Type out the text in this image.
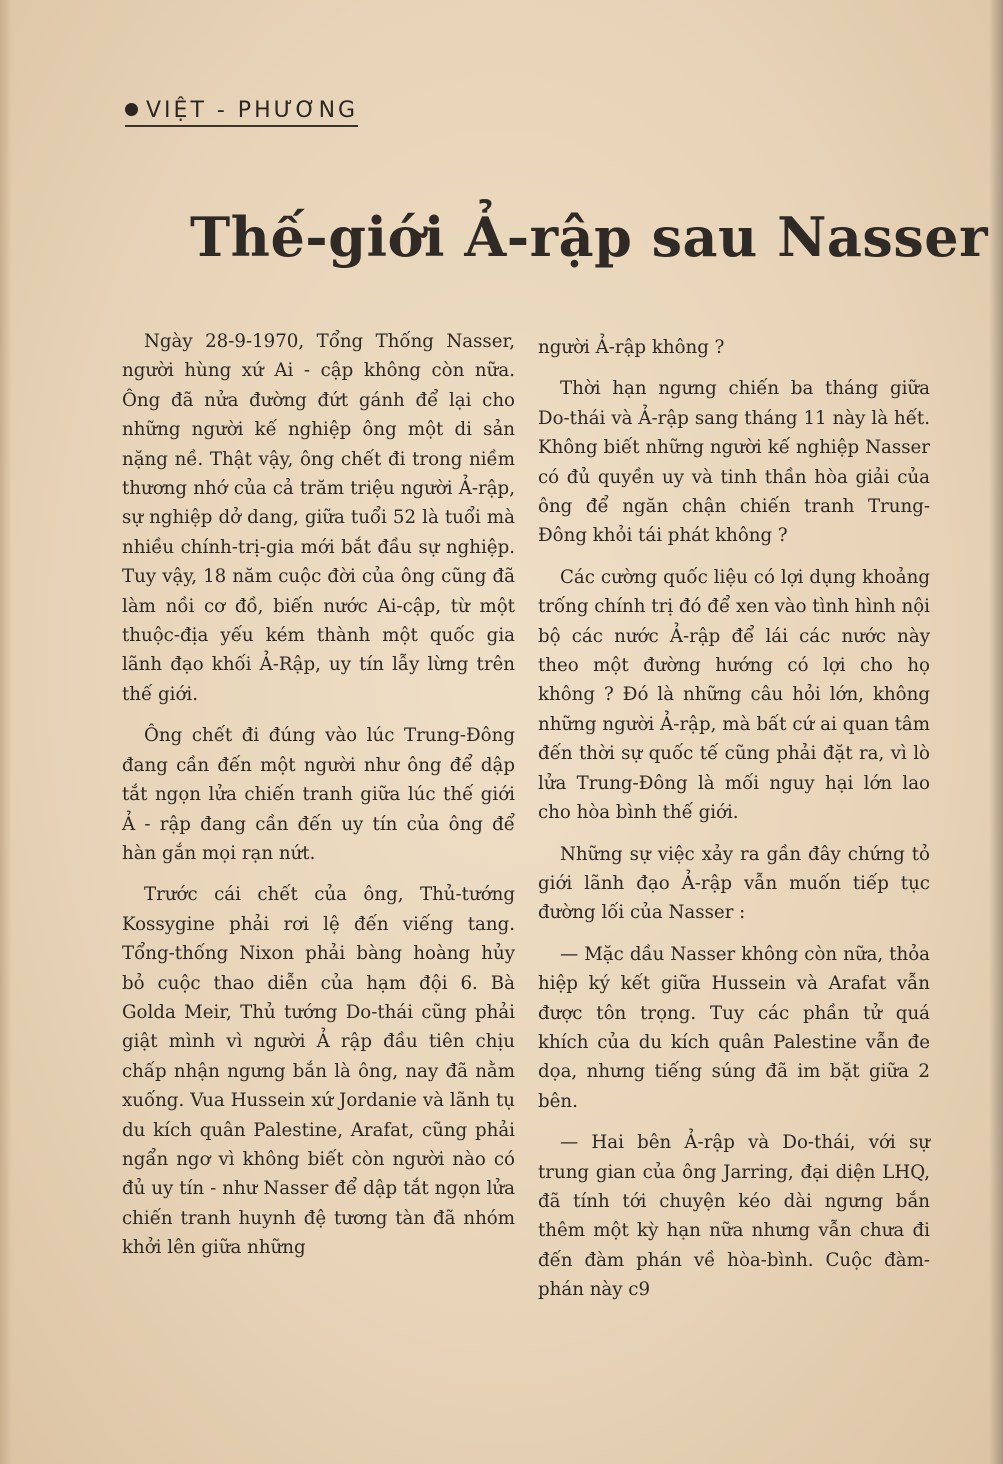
VIỆT - PHƯƠNG
Thế-giới Ả-rập sau Nasser

Ngày 28-9-1970, Tổng Thống Nasser, người hùng xứ Ai - cập không còn nữa. Ông đã nửa đường đứt gánh để lại cho những người kế nghiệp ông một di sản nặng nề. Thật vậy, ông chết đi trong niềm thương nhớ của cả trăm triệu người Ả-rập, sự nghiệp dở dang, giữa tuổi 52 là tuổi mà nhiều chính-trị-gia mới bắt đầu sự nghiệp. Tuy vậy, 18 năm cuộc đời của ông cũng đã làm nồi cơ đồ, biến nước Ai-cập, từ một thuộc-địa yếu kém thành một quốc gia lãnh đạo khối Ả-Rập, uy tín lẫy lừng trên thế giới.

Ông chết đi đúng vào lúc Trung-Đông đang cần đến một người như ông để dập tắt ngọn lửa chiến tranh giữa lúc thế giới Ả - rập đang cần đến uy tín của ông để hàn gắn mọi rạn nứt.

Trước cái chết của ông, Thủ-tướng Kossygine phải rơi lệ đến viếng tang. Tổng-thống Nixon phải bàng hoàng hủy bỏ cuộc thao diễn của hạm đội 6. Bà Golda Meir, Thủ tướng Do-thái cũng phải giật mình vì người Ả rập đầu tiên chịu chấp nhận ngưng bắn là ông, nay đã nằm xuống. Vua Hussein xứ Jordanie và lãnh tụ du kích quân Palestine, Arafat, cũng phải ngẩn ngơ vì không biết còn người nào có đủ uy tín - như Nasser để dập tắt ngọn lửa chiến tranh huynh đệ tương tàn đã nhóm khởi lên giữa những

người Ả-rập không ?

Thời hạn ngưng chiến ba tháng giữa Do-thái và Ả-rập sang tháng 11 này là hết. Không biết những người kế nghiệp Nasser có đủ quyền uy và tinh thần hòa giải của ông để ngăn chận chiến tranh Trung-Đông khỏi tái phát không ?

Các cường quốc liệu có lợi dụng khoảng trống chính trị đó để xen vào tình hình nội bộ các nước Ả-rập để lái các nước này theo một đường hướng có lợi cho họ không ? Đó là những câu hỏi lớn, không những người Ả-rập, mà bất cứ ai quan tâm đến thời sự quốc tế cũng phải đặt ra, vì lò lửa Trung-Đông là mối nguy hại lớn lao cho hòa bình thế giới.

Những sự việc xảy ra gần đây chứng tỏ giới lãnh đạo Ả-rập vẫn muốn tiếp tục đường lối của Nasser :

— Mặc dầu Nasser không còn nữa, thỏa hiệp ký kết giữa Hussein và Arafat vẫn được tôn trọng. Tuy các phần tử quá khích của du kích quân Palestine vẫn đe dọa, nhưng tiếng súng đã im bặt giữa 2 bên.

— Hai bên Ả-rập và Do-thái, với sự trung gian của ông Jarring, đại diện LHQ, đã tính tới chuyện kéo dài ngưng bắn thêm một kỳ hạn nữa nhưng vẫn chưa đi đến đàm phán về hòa-bình. Cuộc đàm-phán này c9
